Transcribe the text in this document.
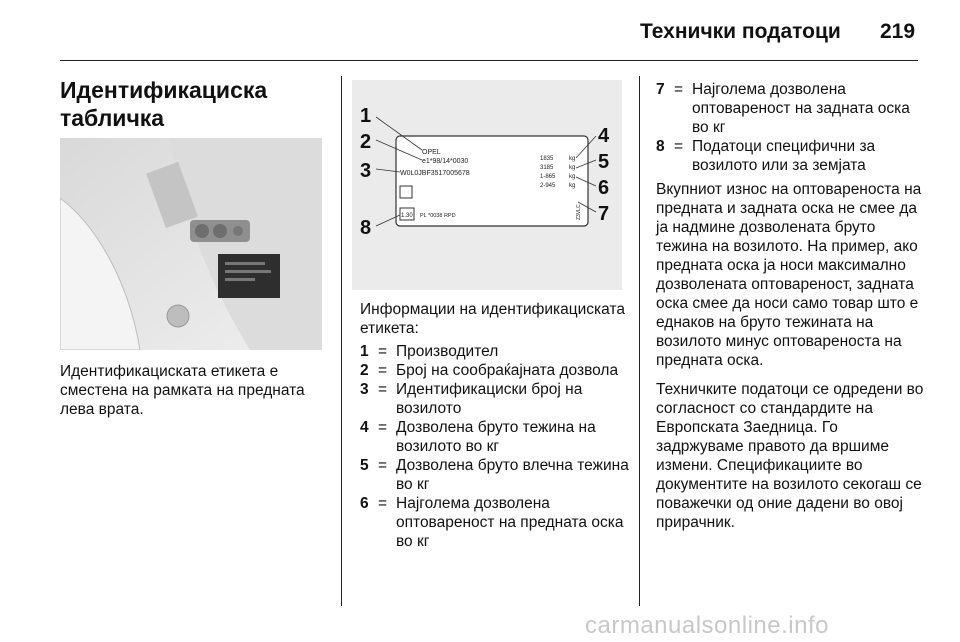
Технички податоци 219
Идентификациска
табличка
Идентификациската етикета е сместена на рамката на предната лева врата.
OPEL
e1*98/14*0030
W0L0JBF3517005678
1835
3185
1-865
2-945
kg
kg
kg
kg
1.30 PL *0038 RPD	Z3VLC
1
2
3
8
4
5
6
7
Информации на идентификациската етикета:
1 = Производител
2 = Број на сообраќајната дозвола
3 = Идентификациски број на возилото
4 = Дозволена бруто тежина на возилото во кг
5 = Дозволена бруто влечна тежина во кг
6 = Најголема дозволена оптовареност на предната оска во кг
7 = Најголема дозволена оптовареност на задната оска во кг
8 = Податоци специфични за возилото или за земјата
Вкупниот износ на оптовареноста на предната и задната оска не смее да ја надмине дозволената бруто тежина на возилото. На пример, ако предната оска ја носи максимално дозволената оптовареност, задната оска смее да носи само товар што е еднаков на бруто тежината на возилото минус оптовареноста на предната оска.
Техничките податоци се одредени во согласност со стандардите на Европската Заедница. Го задржуваме правото да вршиме измени. Спецификациите во документите на возилото секогаш се поважечки од оние дадени во овој прирачник.
carmanualsonline.info
